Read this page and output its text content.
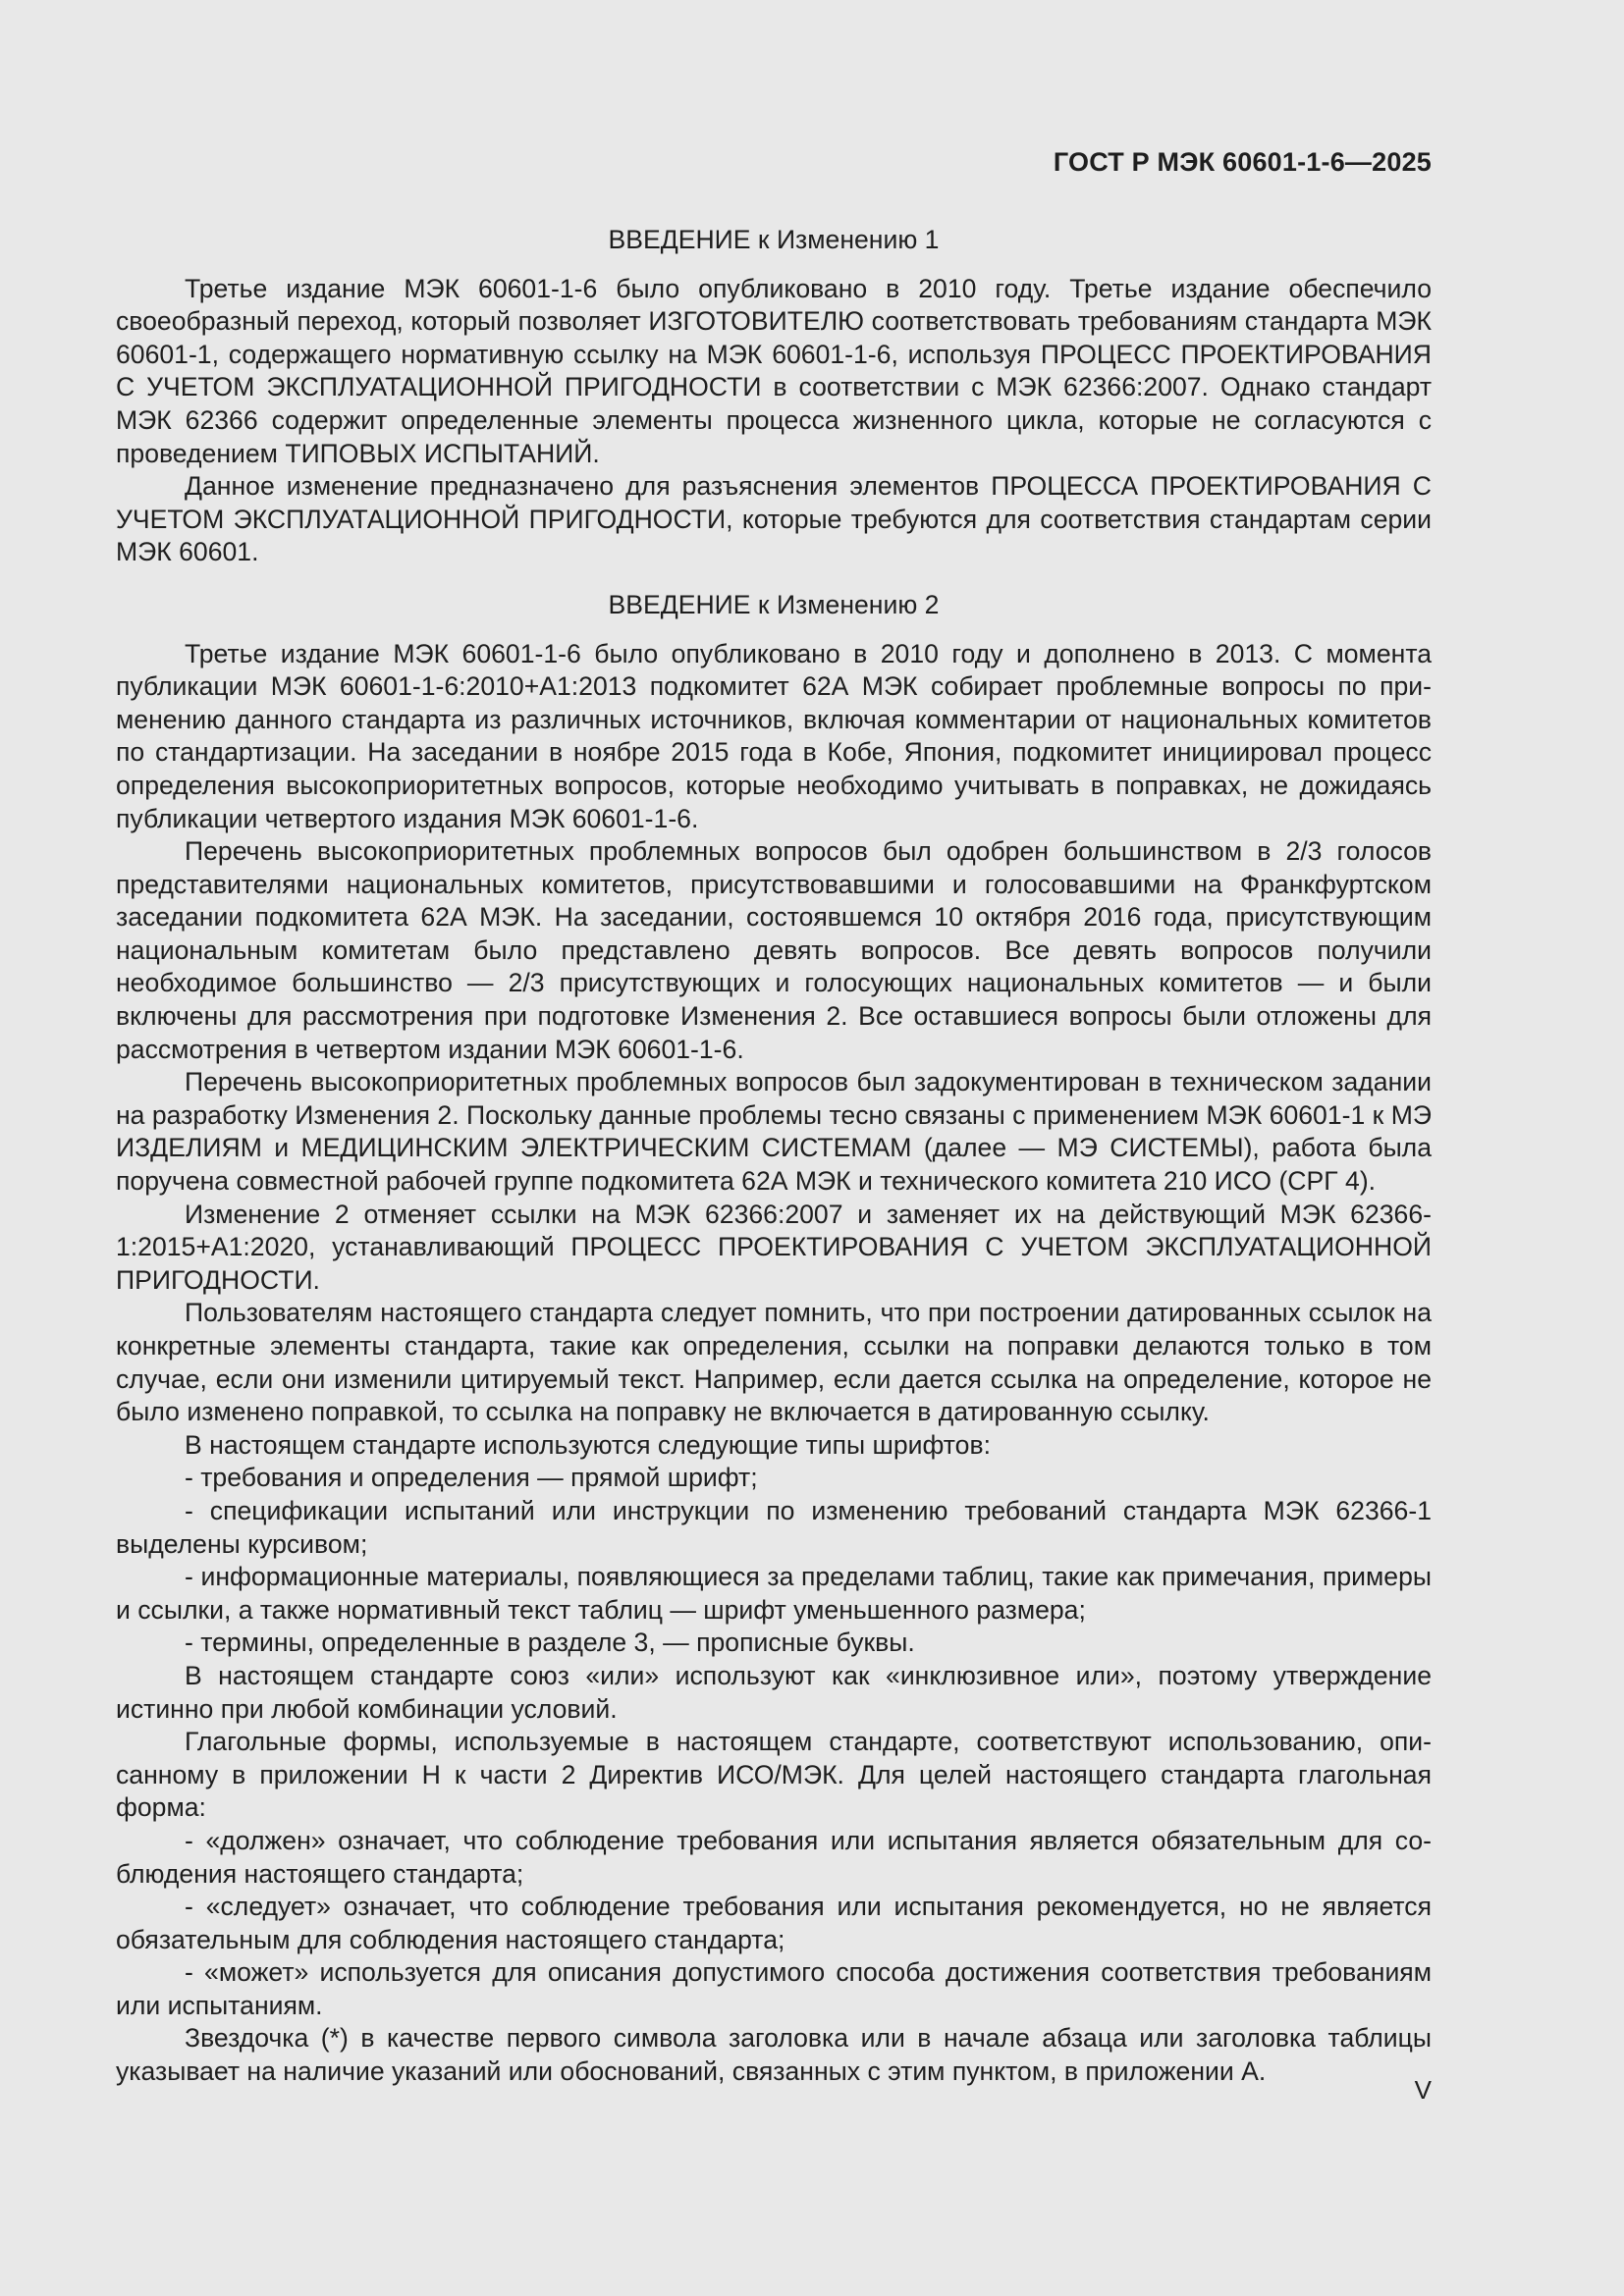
ГОСТ Р МЭК 60601-1-6—2025
ВВЕДЕНИЕ к Изменению 1

Третье издание МЭК 60601-1-6 было опубликовано в 2010 году. Третье издание обеспечило своеобразный переход, который позволяет ИЗГОТОВИТЕЛЮ соответствовать требованиям стандарта МЭК 60601-1, содержащего нормативную ссылку на МЭК 60601-1-6, используя ПРОЦЕСС ПРОЕКТИРОВАНИЯ С УЧЕТОМ ЭКСПЛУАТАЦИОННОЙ ПРИГОДНОСТИ в соответствии с МЭК 62366:2007. Однако стандарт МЭК 62366 содержит определенные элементы процесса жизненного цикла, которые не согласуются с проведением ТИПОВЫХ ИСПЫТАНИЙ.

Данное изменение предназначено для разъяснения элементов ПРОЦЕССА ПРОЕКТИРОВАНИЯ С УЧЕТОМ ЭКСПЛУАТАЦИОННОЙ ПРИГОДНОСТИ, которые требуются для соответствия стандартам серии МЭК 60601.

ВВЕДЕНИЕ к Изменению 2

Третье издание МЭК 60601-1-6 было опубликовано в 2010 году и дополнено в 2013. С момента публикации МЭК 60601-1-6:2010+A1:2013 подкомитет 62А МЭК собирает проблемные вопросы по применению данного стандарта из различных источников, включая комментарии от национальных комитетов по стандартизации. На заседании в ноябре 2015 года в Кобе, Япония, подкомитет инициировал процесс определения высокоприоритетных вопросов, которые необходимо учитывать в поправках, не дожидаясь публикации четвертого издания МЭК 60601-1-6.

Перечень высокоприоритетных проблемных вопросов был одобрен большинством в 2/3 голосов представителями национальных комитетов, присутствовавшими и голосовавшими на Франкфуртском заседании подкомитета 62А МЭК. На заседании, состоявшемся 10 октября 2016 года, присутствующим национальным комитетам было представлено девять вопросов. Все девять вопросов получили необходимое большинство — 2/3 присутствующих и голосующих национальных комитетов — и были включены для рассмотрения при подготовке Изменения 2. Все оставшиеся вопросы были отложены для рассмотрения в четвертом издании МЭК 60601-1-6.

Перечень высокоприоритетных проблемных вопросов был задокументирован в техническом задании на разработку Изменения 2. Поскольку данные проблемы тесно связаны с применением МЭК 60601-1 к МЭ ИЗДЕЛИЯМ и МЕДИЦИНСКИМ ЭЛЕКТРИЧЕСКИМ СИСТЕМАМ (далее — МЭ СИСТЕМЫ), работа была поручена совместной рабочей группе подкомитета 62А МЭК и технического комитета 210 ИСО (СРГ 4).

Изменение 2 отменяет ссылки на МЭК 62366:2007 и заменяет их на действующий МЭК 62366-1:2015+A1:2020, устанавливающий ПРОЦЕСС ПРОЕКТИРОВАНИЯ С УЧЕТОМ ЭКСПЛУАТАЦИОННОЙ ПРИГОДНОСТИ.

Пользователям настоящего стандарта следует помнить, что при построении датированных ссылок на конкретные элементы стандарта, такие как определения, ссылки на поправки делаются только в том случае, если они изменили цитируемый текст. Например, если дается ссылка на определение, которое не было изменено поправкой, то ссылка на поправку не включается в датированную ссылку.

В настоящем стандарте используются следующие типы шрифтов:

- требования и определения — прямой шрифт;

- спецификации испытаний или инструкции по изменению требований стандарта МЭК 62366-1 выделены курсивом;

- информационные материалы, появляющиеся за пределами таблиц, такие как примечания, примеры и ссылки, а также нормативный текст таблиц — шрифт уменьшенного размера;

- термины, определенные в разделе 3, — прописные буквы.

В настоящем стандарте союз «или» используют как «инклюзивное или», поэтому утверждение истинно при любой комбинации условий.

Глагольные формы, используемые в настоящем стандарте, соответствуют использованию, описанному в приложении H к части 2 Директив ИСО/МЭК. Для целей настоящего стандарта глагольная форма:

- «должен» означает, что соблюдение требования или испытания является обязательным для соблюдения настоящего стандарта;

- «следует» означает, что соблюдение требования или испытания рекомендуется, но не является обязательным для соблюдения настоящего стандарта;

- «может» используется для описания допустимого способа достижения соответствия требованиям или испытаниям.

Звездочка (*) в качестве первого символа заголовка или в начале абзаца или заголовка таблицы указывает на наличие указаний или обоснований, связанных с этим пунктом, в приложении А.

V
